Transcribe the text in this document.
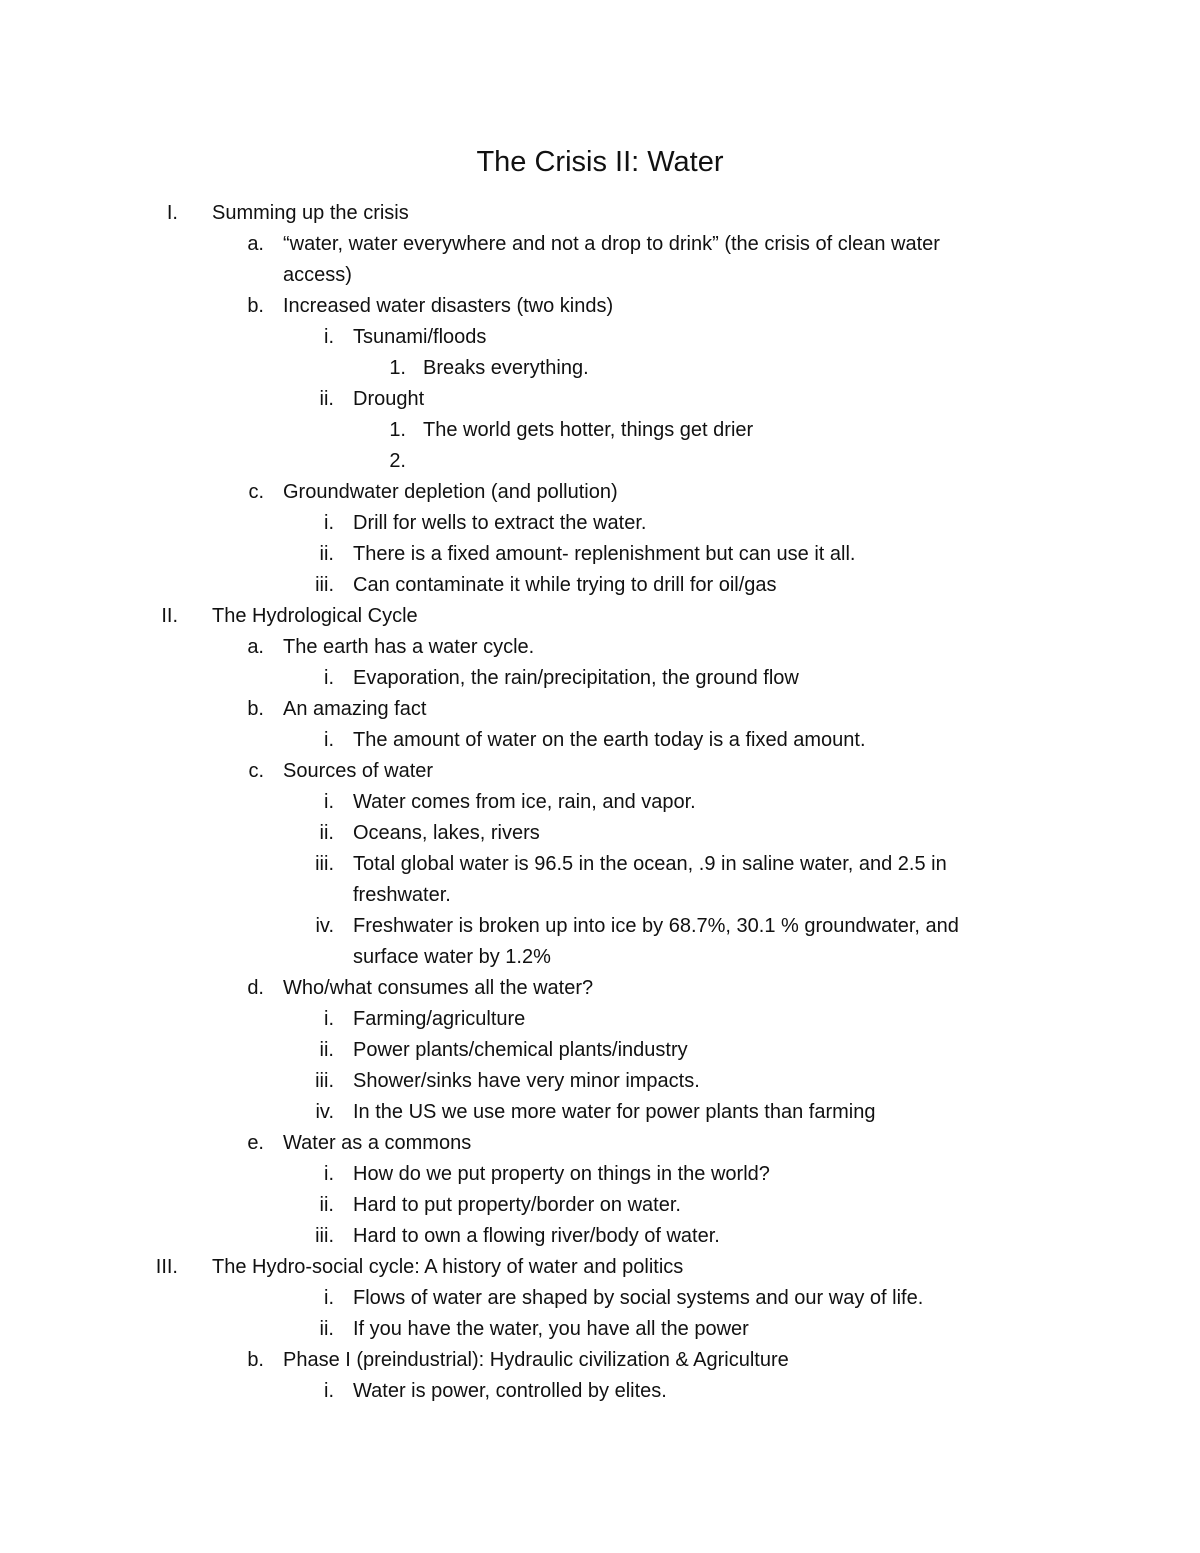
The Crisis II: Water
I. Summing up the crisis
a. “water, water everywhere and not a drop to drink” (the crisis of clean water
access)
b. Increased water disasters (two kinds)
i. Tsunami/floods
1. Breaks everything.
ii. Drought
1. The world gets hotter, things get drier
2.
c. Groundwater depletion (and pollution)
i. Drill for wells to extract the water.
ii. There is a fixed amount- replenishment but can use it all.
iii. Can contaminate it while trying to drill for oil/gas
II. The Hydrological Cycle
a. The earth has a water cycle.
i. Evaporation, the rain/precipitation, the ground flow
b. An amazing fact
i. The amount of water on the earth today is a fixed amount.
c. Sources of water
i. Water comes from ice, rain, and vapor.
ii. Oceans, lakes, rivers
iii. Total global water is 96.5 in the ocean, .9 in saline water, and 2.5 in
freshwater.
iv. Freshwater is broken up into ice by 68.7%, 30.1 % groundwater, and
surface water by 1.2%
d. Who/what consumes all the water?
i. Farming/agriculture
ii. Power plants/chemical plants/industry
iii. Shower/sinks have very minor impacts.
iv. In the US we use more water for power plants than farming
e. Water as a commons
i. How do we put property on things in the world?
ii. Hard to put property/border on water.
iii. Hard to own a flowing river/body of water.
III. The Hydro-social cycle: A history of water and politics
i. Flows of water are shaped by social systems and our way of life.
ii. If you have the water, you have all the power
b. Phase I (preindustrial): Hydraulic civilization & Agriculture
i. Water is power, controlled by elites.
